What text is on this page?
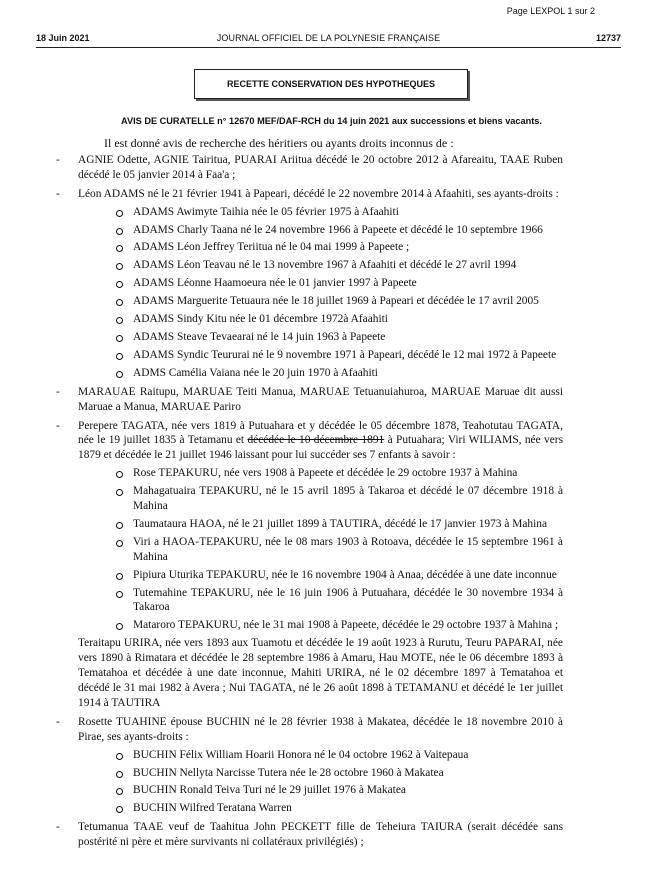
Page LEXPOL 1 sur 2
18 Juin 2021	JOURNAL OFFICIEL DE LA POLYNESIE FRANÇAISE	12737
RECETTE CONSERVATION DES HYPOTHEQUES
AVIS DE CURATELLE n° 12670 MEF/DAF-RCH du 14 juin 2021 aux successions et biens vacants.

Il est donné avis de recherche des héritiers ou ayants droits inconnus de :

- AGNIE Odette, AGNIE Tairitua, PUARAI Ariitua décédé le 20 octobre 2012 à Afareaitu, TAAE Ruben décédé le 05 janvier 2014 à Faa'a ;

- Léon ADAMS né le 21 février 1941 à Papeari, décédé le 22 novembre 2014 à Afaahiti, ses ayants-droits :

ADAMS Awimyte Taihia née le 05 février 1975 à Afaahiti
ADAMS Charly Taana né le 24 novembre 1966 à Papeete et décédé le 10 septembre 1966
ADAMS Léon Jeffrey Teriitua né le 04 mai 1999 à Papeete ;
ADAMS Léon Teavau né le 13 novembre 1967 à Afaahiti et décédé le 27 avril 1994
ADAMS Léonne Haamoeura née le 01 janvier 1997 à Papeete
ADAMS Marguerite Tetuaura née le 18 juillet 1969 à Papeari et décédée le 17 avril 2005
ADAMS Sindy Kitu née le 01 décembre 1972à Afaahiti
ADAMS Steave Tevaearai né le 14 juin 1963 à Papeete
ADAMS Syndic Teururai né le 9 novembre 1971 à Papeari, décédé le 12 mai 1972 à Papeete
ADMS Camélia Vaiana née le 20 juin 1970 à Afaahiti

- MARAUAE Raitupu, MARUAE Teiti Manua, MARUAE Tetuanuiahuroa, MARUAE Maruae dit aussi Maruae a Manua, MARUAE Pariro

- Perepere TAGATA, née vers 1819 à Putuahara et y décédée le 05 décembre 1878, Teahotutau TAGATA, née le 19 juillet 1835 à Tetamanu et décédée le 10 décembre 1891 à Putuahara; Viri WILIAMS, née vers 1879 et décédée le 21 juillet 1946 laissant pour lui succéder ses 7 enfants à savoir :

Rose TEPAKURU, née vers 1908 à Papeete et décédée le 29 octobre 1937 à Mahina
Mahagatuaira TEPAKURU, né le 15 avril 1895 à Takaroa et décédé le 07 décembre 1918 à Mahina
Taumataura HAOA, né le 21 juillet 1899 à TAUTIRA, décédé le 17 janvier 1973 à Mahina
Viri a HAOA-TEPAKURU, née le 08 mars 1903 à Rotoava, décédée le 15 septembre 1961 à Mahina
Pipiura Uturika TEPAKURU, née le 16 novembre 1904 à Anaa, décédée à une date inconnue
Tutemahine TEPAKURU, née le 16 juin 1906 à Putuahara, décédée le 30 novembre 1934 à Takaroa
Mataroro TEPAKURU, née le 31 mai 1908 à Papeete, décédée le 29 octobre 1937 à Mahina ;

Teraitapu URIRA, née vers 1893 aux Tuamotu et décédée le 19 août 1923 à Rurutu, Teuru PAPARAI, née vers 1890 à Rimatara et décédée le 28 septembre 1986 à Amaru, Hau MOTE, née le 06 décembre 1893 à Tematahoa et décédée à une date inconnue, Mahiti URIRA, né le 02 décembre 1897 à Tematahoa et décédé le 31 mai 1982 à Avera ; Nui TAGATA, né le 26 août 1898 à TETAMANU et décédé le 1er juillet 1914 à TAUTIRA

- Rosette TUAHINE épouse BUCHIN né le 28 février 1938 à Makatea, décédée le 18 novembre 2010 à Pirae, ses ayants-droits :

BUCHIN Félix William Hoarii Honora né le 04 octobre 1962 à Vaitepaua
BUCHIN Nellyta Narcisse Tutera née le 28 octobre 1960 à Makatea
BUCHIN Ronald Teiva Turi né le 29 juillet 1976 à Makatea
BUCHIN Wilfred Teratana Warren

- Tetumanua TAAE veuf de Taahitua John PECKETT fille de Teheiura TAIURA (serait décédée sans postérité ni père et mère survivants ni collatéraux privilégiés) ;
